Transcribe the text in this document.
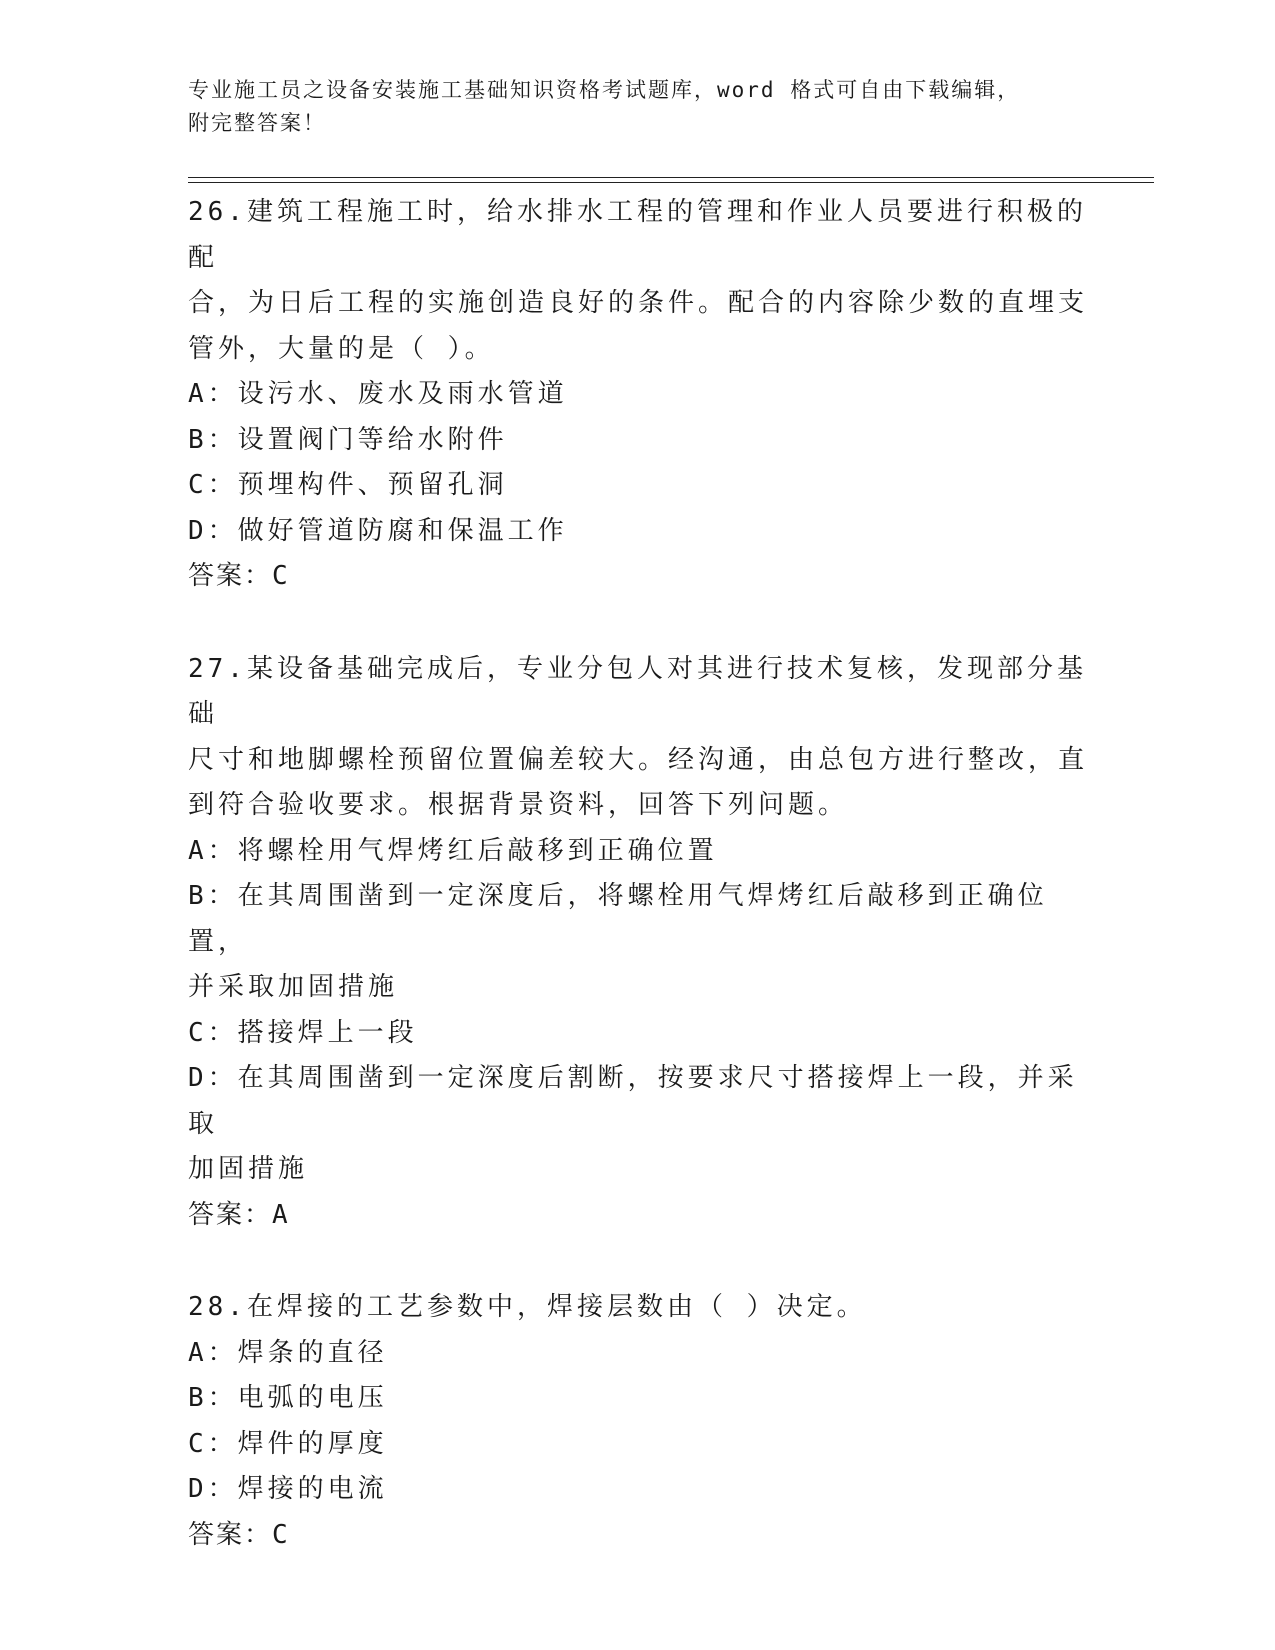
专业施工员之设备安装施工基础知识资格考试题库，word 格式可自由下载编辑，
附完整答案！
26.建筑工程施工时，给水排水工程的管理和作业人员要进行积极的配
合，为日后工程的实施创造良好的条件。配合的内容除少数的直埋支
管外，大量的是（ ）。
A：设污水、废水及雨水管道
B：设置阀门等给水附件
C：预埋构件、预留孔洞
D：做好管道防腐和保温工作
答案：C
27.某设备基础完成后，专业分包人对其进行技术复核，发现部分基础
尺寸和地脚螺栓预留位置偏差较大。经沟通，由总包方进行整改，直
到符合验收要求。根据背景资料，回答下列问题。
A：将螺栓用气焊烤红后敲移到正确位置
B：在其周围凿到一定深度后，将螺栓用气焊烤红后敲移到正确位置，
并采取加固措施
C：搭接焊上一段
D：在其周围凿到一定深度后割断，按要求尺寸搭接焊上一段，并采取
加固措施
答案：A
28.在焊接的工艺参数中，焊接层数由（ ）决定。
A：焊条的直径
B：电弧的电压
C：焊件的厚度
D：焊接的电流
答案：C
